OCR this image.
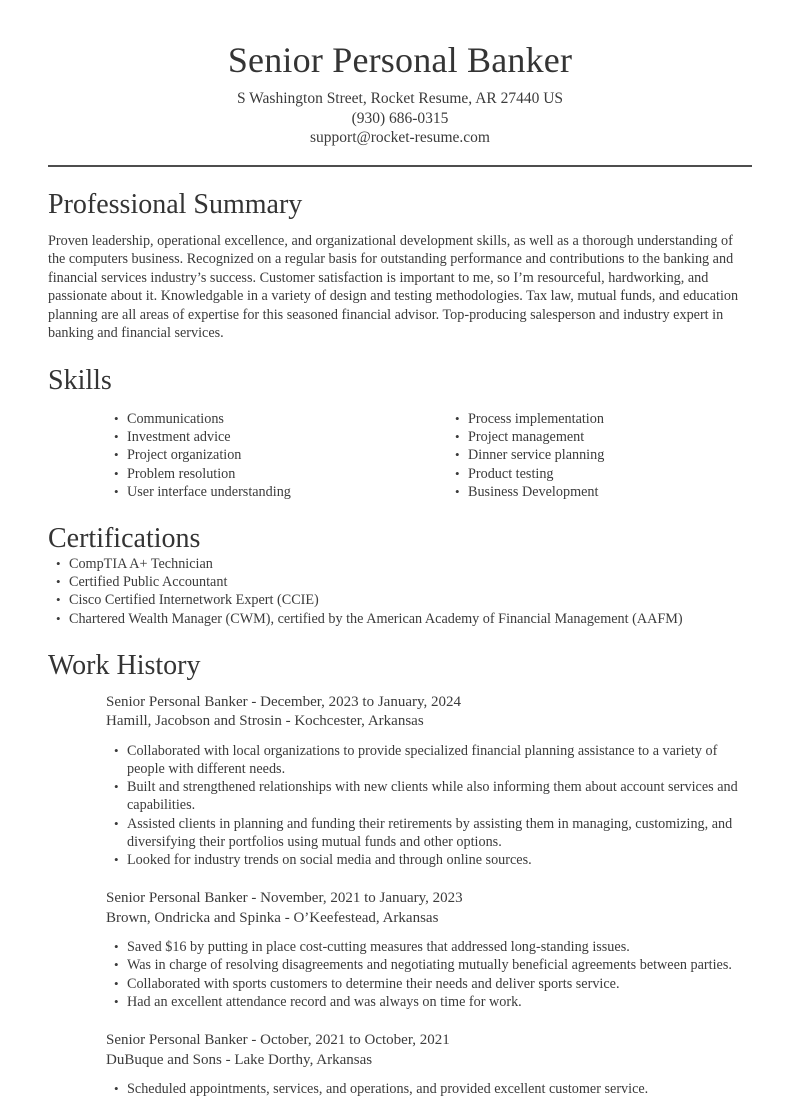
Senior Personal Banker
S Washington Street, Rocket Resume, AR 27440 US
(930) 686-0315
support@rocket-resume.com
Professional Summary

Proven leadership, operational excellence, and organizational development skills, as well as a thorough understanding of the computers business. Recognized on a regular basis for outstanding performance and contributions to the banking and financial services industry’s success. Customer satisfaction is important to me, so I’m resourceful, hardworking, and passionate about it. Knowledgable in a variety of design and testing methodologies. Tax law, mutual funds, and education planning are all areas of expertise for this seasoned financial advisor. Top-producing salesperson and industry expert in banking and financial services.

Skills
• Communications
• Investment advice
• Project organization
• Problem resolution
• User interface understanding
• Process implementation
• Project management
• Dinner service planning
• Product testing
• Business Development
Certifications
• CompTIA A+ Technician
• Certified Public Accountant
• Cisco Certified Internetwork Expert (CCIE)
• Chartered Wealth Manager (CWM), certified by the American Academy of Financial Management (AAFM)
Work History
Senior Personal Banker - December, 2023 to January, 2024
Hamill, Jacobson and Strosin - Kochcester, Arkansas
• Collaborated with local organizations to provide specialized financial planning assistance to a variety of people with different needs.
• Built and strengthened relationships with new clients while also informing them about account services and capabilities.
• Assisted clients in planning and funding their retirements by assisting them in managing, customizing, and diversifying their portfolios using mutual funds and other options.
• Looked for industry trends on social media and through online sources.
Senior Personal Banker - November, 2021 to January, 2023
Brown, Ondricka and Spinka - O’Keefestead, Arkansas
• Saved $16 by putting in place cost-cutting measures that addressed long-standing issues.
• Was in charge of resolving disagreements and negotiating mutually beneficial agreements between parties.
• Collaborated with sports customers to determine their needs and deliver sports service.
• Had an excellent attendance record and was always on time for work.
Senior Personal Banker - October, 2021 to October, 2021
DuBuque and Sons - Lake Dorthy, Arkansas
• Scheduled appointments, services, and operations, and provided excellent customer service.
